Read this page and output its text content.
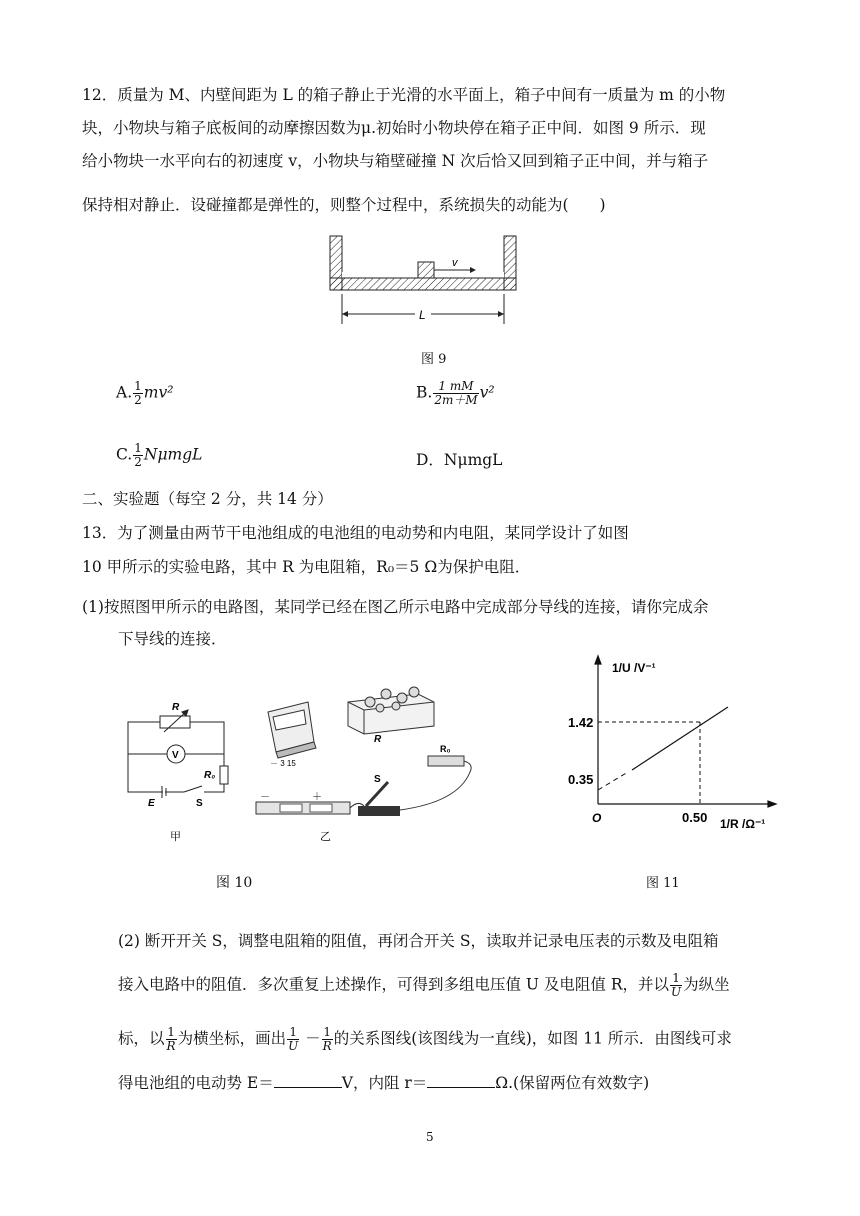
12．质量为 M、内壁间距为 L 的箱子静止于光滑的水平面上，箱子中间有一质量为 m 的小物
块，小物块与箱子底板间的动摩擦因数为μ.初始时小物块停在箱子正中间．如图 9 所示．现
给小物块一水平向右的初速度 v，小物块与箱壁碰撞 N 次后恰又回到箱子正中间，并与箱子
保持相对静止．设碰撞都是弹性的，则整个过程中，系统损失的动能为(　　)
v
L
图 9
A. $\frac{1}{2} mv^2$	B. $\frac{1 mM}{2m+M} v^2$
C. $\frac{1}{2}$ NμmgL	D．NμmgL
二、实验题（每空 2 分，共 14 分）
13．为了测量由两节干电池组成的电池组的电动势和内电阻，某同学设计了如图
10 甲所示的实验电路，其中 R 为电阻箱，R₀＝5 Ω为保护电阻．
(1)按照图甲所示的电路图，某同学已经在图乙所示电路中完成部分导线的连接，请你完成余
下导线的连接．
R
V
R₀
E	S
甲
－ 3 15
R
R₀
－	＋
S
乙
图 10
1/U /V⁻¹
1.42
0.35
O	0.50 1/R /Ω⁻¹
图 11
(2) 断开开关 S，调整电阻箱的阻值，再闭合开关 S，读取并记录电压表的示数及电阻箱
接入电路中的阻值．多次重复上述操作，可得到多组电压值 U 及电阻值 R，并以 $\frac{1}{U}$ 为纵坐
标，以 $\frac{1}{R}$ 为横坐标，画出 $\frac{1}{U} - \frac{1}{R}$ 的关系图线(该图线为一直线)，如图 11 所示．由图线可求
得电池组的电动势 E＝	V，内阻 r＝	Ω.(保留两位有效数字)
5
